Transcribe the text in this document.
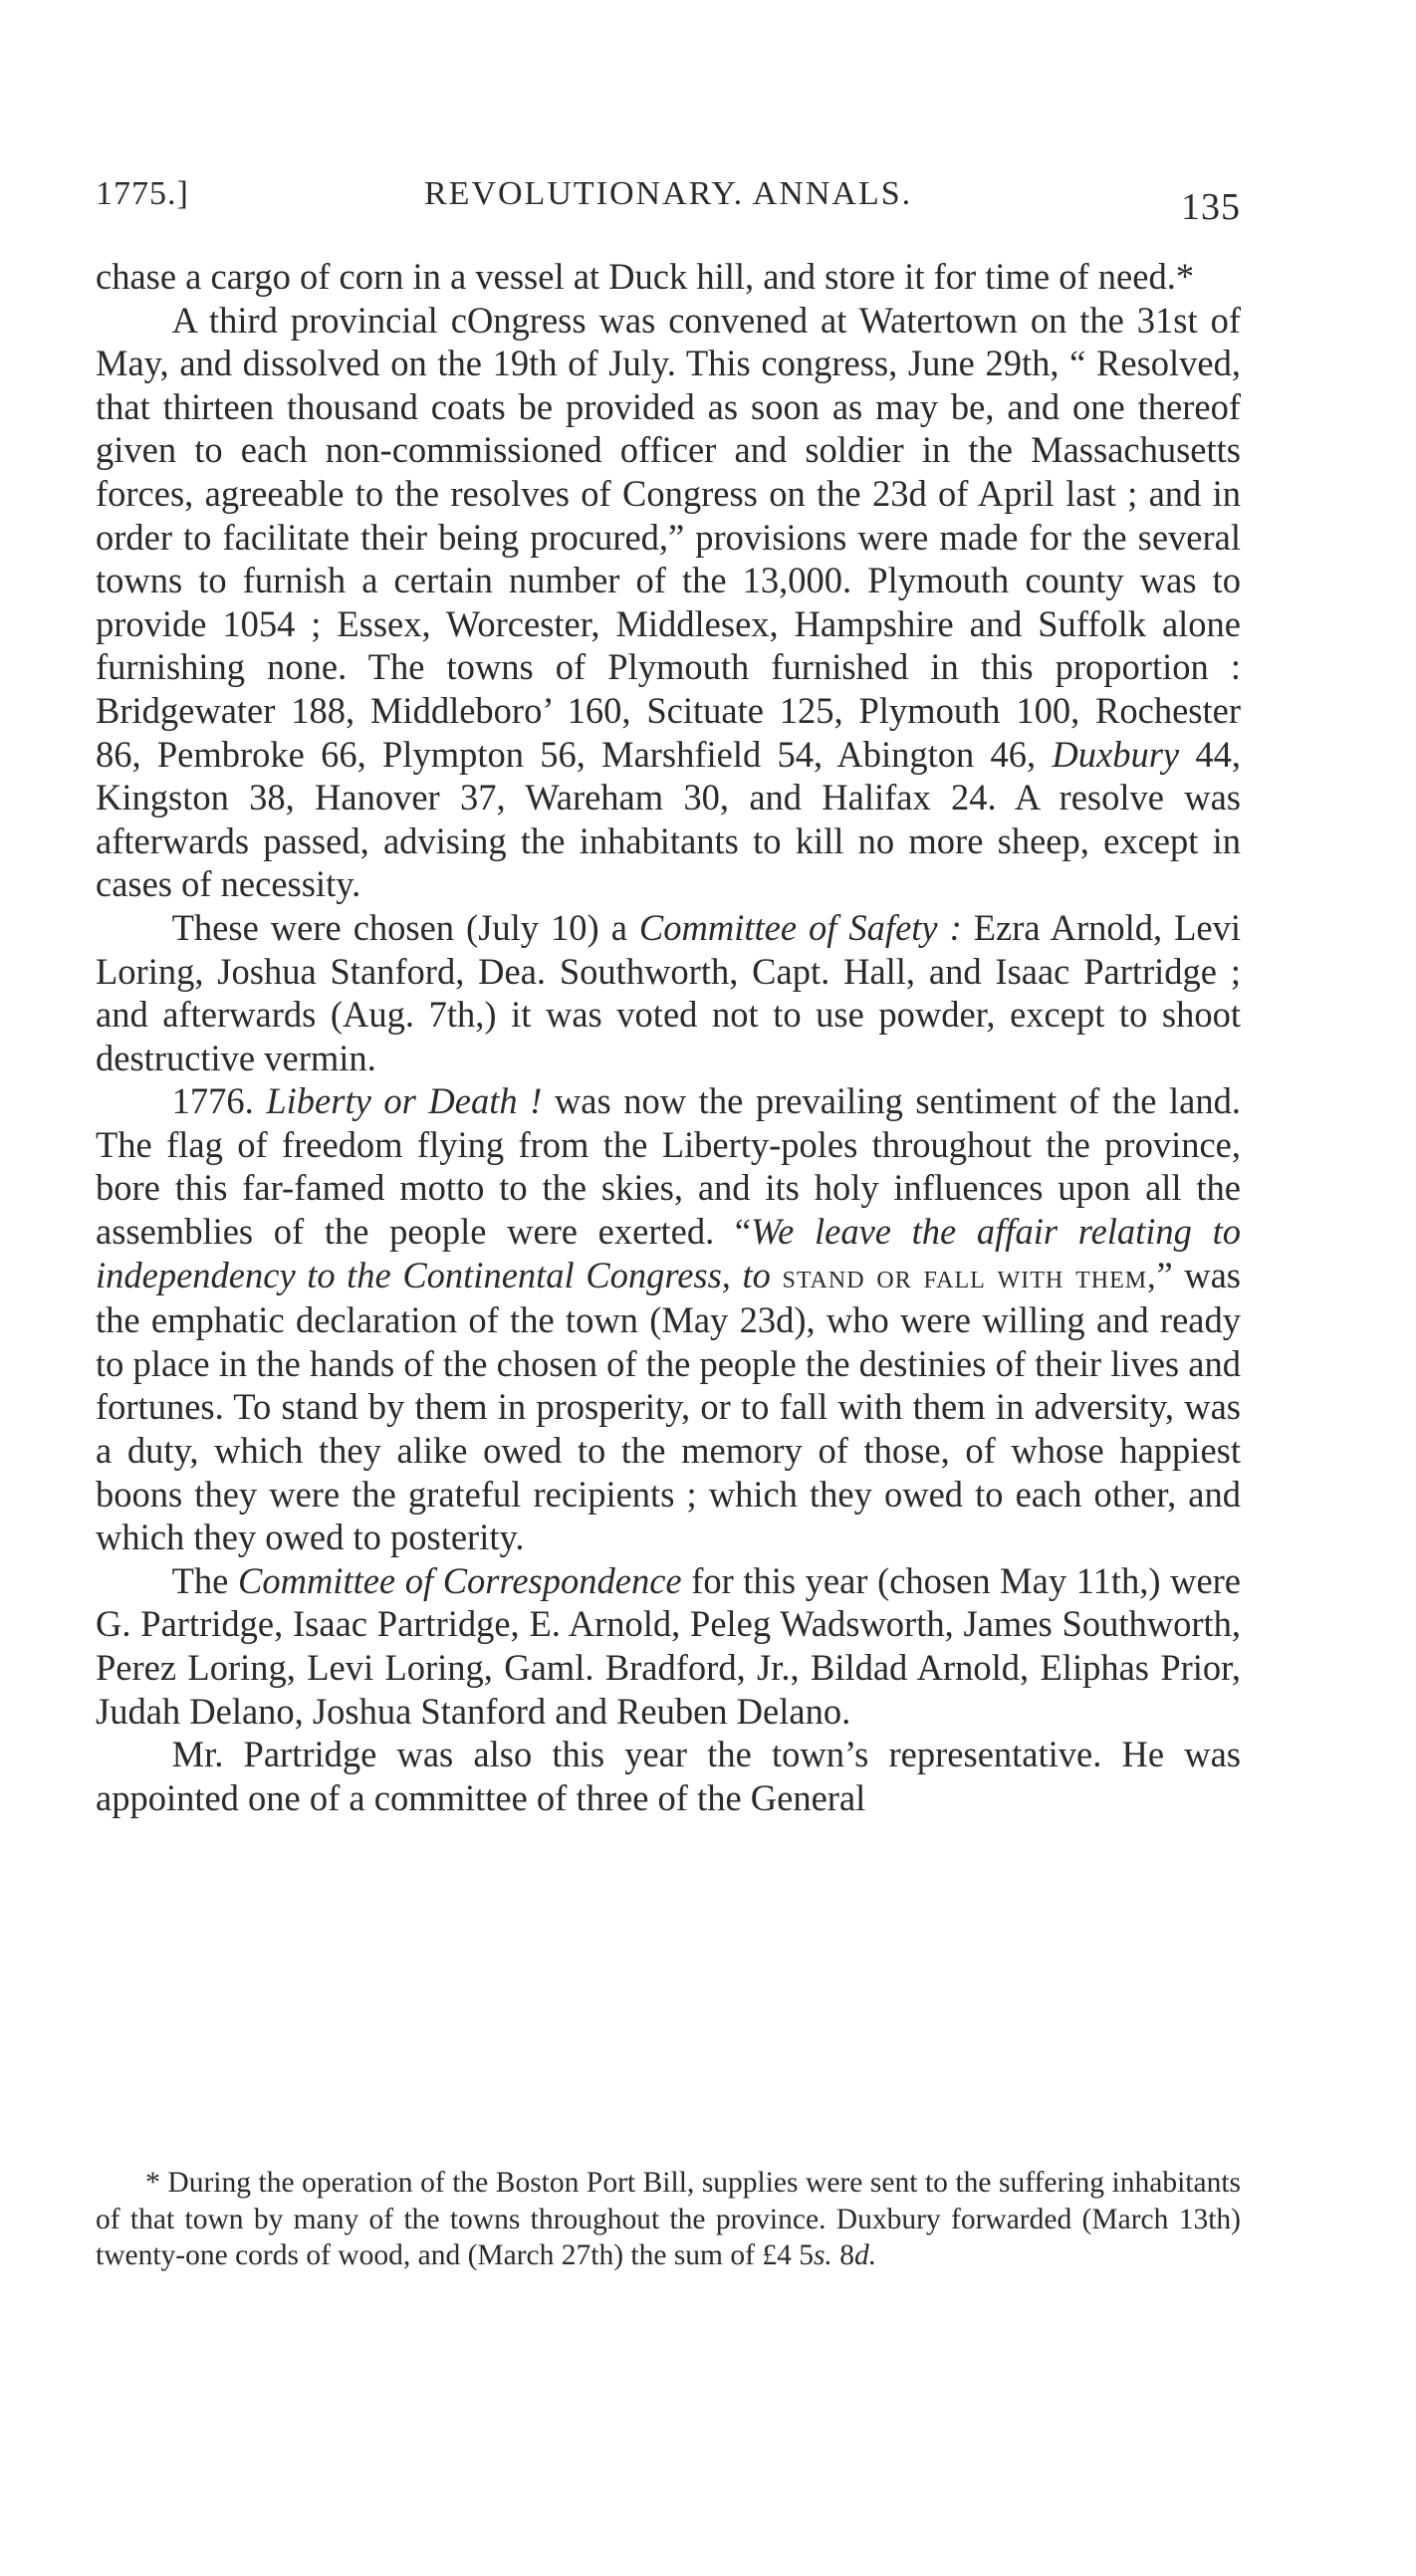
1775.]	REVOLUTIONARY. ANNALS.	135

chase a cargo of corn in a vessel at Duck hill, and store it for time of need.*

A third provincial cOngress was convened at Watertown on the 31st of May, and dissolved on the 19th of July. This congress, June 29th, “ Resolved, that thirteen thousand coats be provided as soon as may be, and one thereof given to each non-commissioned officer and soldier in the Massachusetts forces, agreeable to the resolves of Congress on the 23d of April last ; and in order to facilitate their being procured,” provisions were made for the several towns to furnish a certain number of the 13,000. Plymouth county was to provide 1054 ; Essex, Worcester, Middlesex, Hampshire and Suffolk alone furnishing none. The towns of Plymouth furnished in this proportion : Bridgewater 188, Middleboro’ 160, Scituate 125, Plymouth 100, Rochester 86, Pembroke 66, Plympton 56, Marshfield 54, Abington 46, Duxbury 44, Kingston 38, Hanover 37, Wareham 30, and Halifax 24. A resolve was afterwards passed, advising the inhabitants to kill no more sheep, except in cases of necessity.

These were chosen (July 10) a Committee of Safety : Ezra Arnold, Levi Loring, Joshua Stanford, Dea. Southworth, Capt. Hall, and Isaac Partridge ; and afterwards (Aug. 7th,) it was voted not to use powder, except to shoot destructive vermin.

1776. Liberty or Death ! was now the prevailing sentiment of the land. The flag of freedom flying from the Liberty-poles throughout the province, bore this far-famed motto to the skies, and its holy influences upon all the assemblies of the people were exerted. “We leave the affair relating to independency to the Continental Congress, to stand or fall with them,” was the emphatic declaration of the town (May 23d), who were willing and ready to place in the hands of the chosen of the people the destinies of their lives and fortunes. To stand by them in prosperity, or to fall with them in adversity, was a duty, which they alike owed to the memory of those, of whose happiest boons they were the grateful recipients ; which they owed to each other, and which they owed to posterity.

The Committee of Correspondence for this year (chosen May 11th,) were G. Partridge, Isaac Partridge, E. Arnold, Peleg Wadsworth, James Southworth, Perez Loring, Levi Loring, Gaml. Bradford, Jr., Bildad Arnold, Eliphas Prior, Judah Delano, Joshua Stanford and Reuben Delano.

Mr. Partridge was also this year the town’s representative. He was appointed one of a committee of three of the General

* During the operation of the Boston Port Bill, supplies were sent to the suffering inhabitants of that town by many of the towns throughout the province. Duxbury forwarded (March 13th) twenty-one cords of wood, and (March 27th) the sum of £4 5s. 8d.
